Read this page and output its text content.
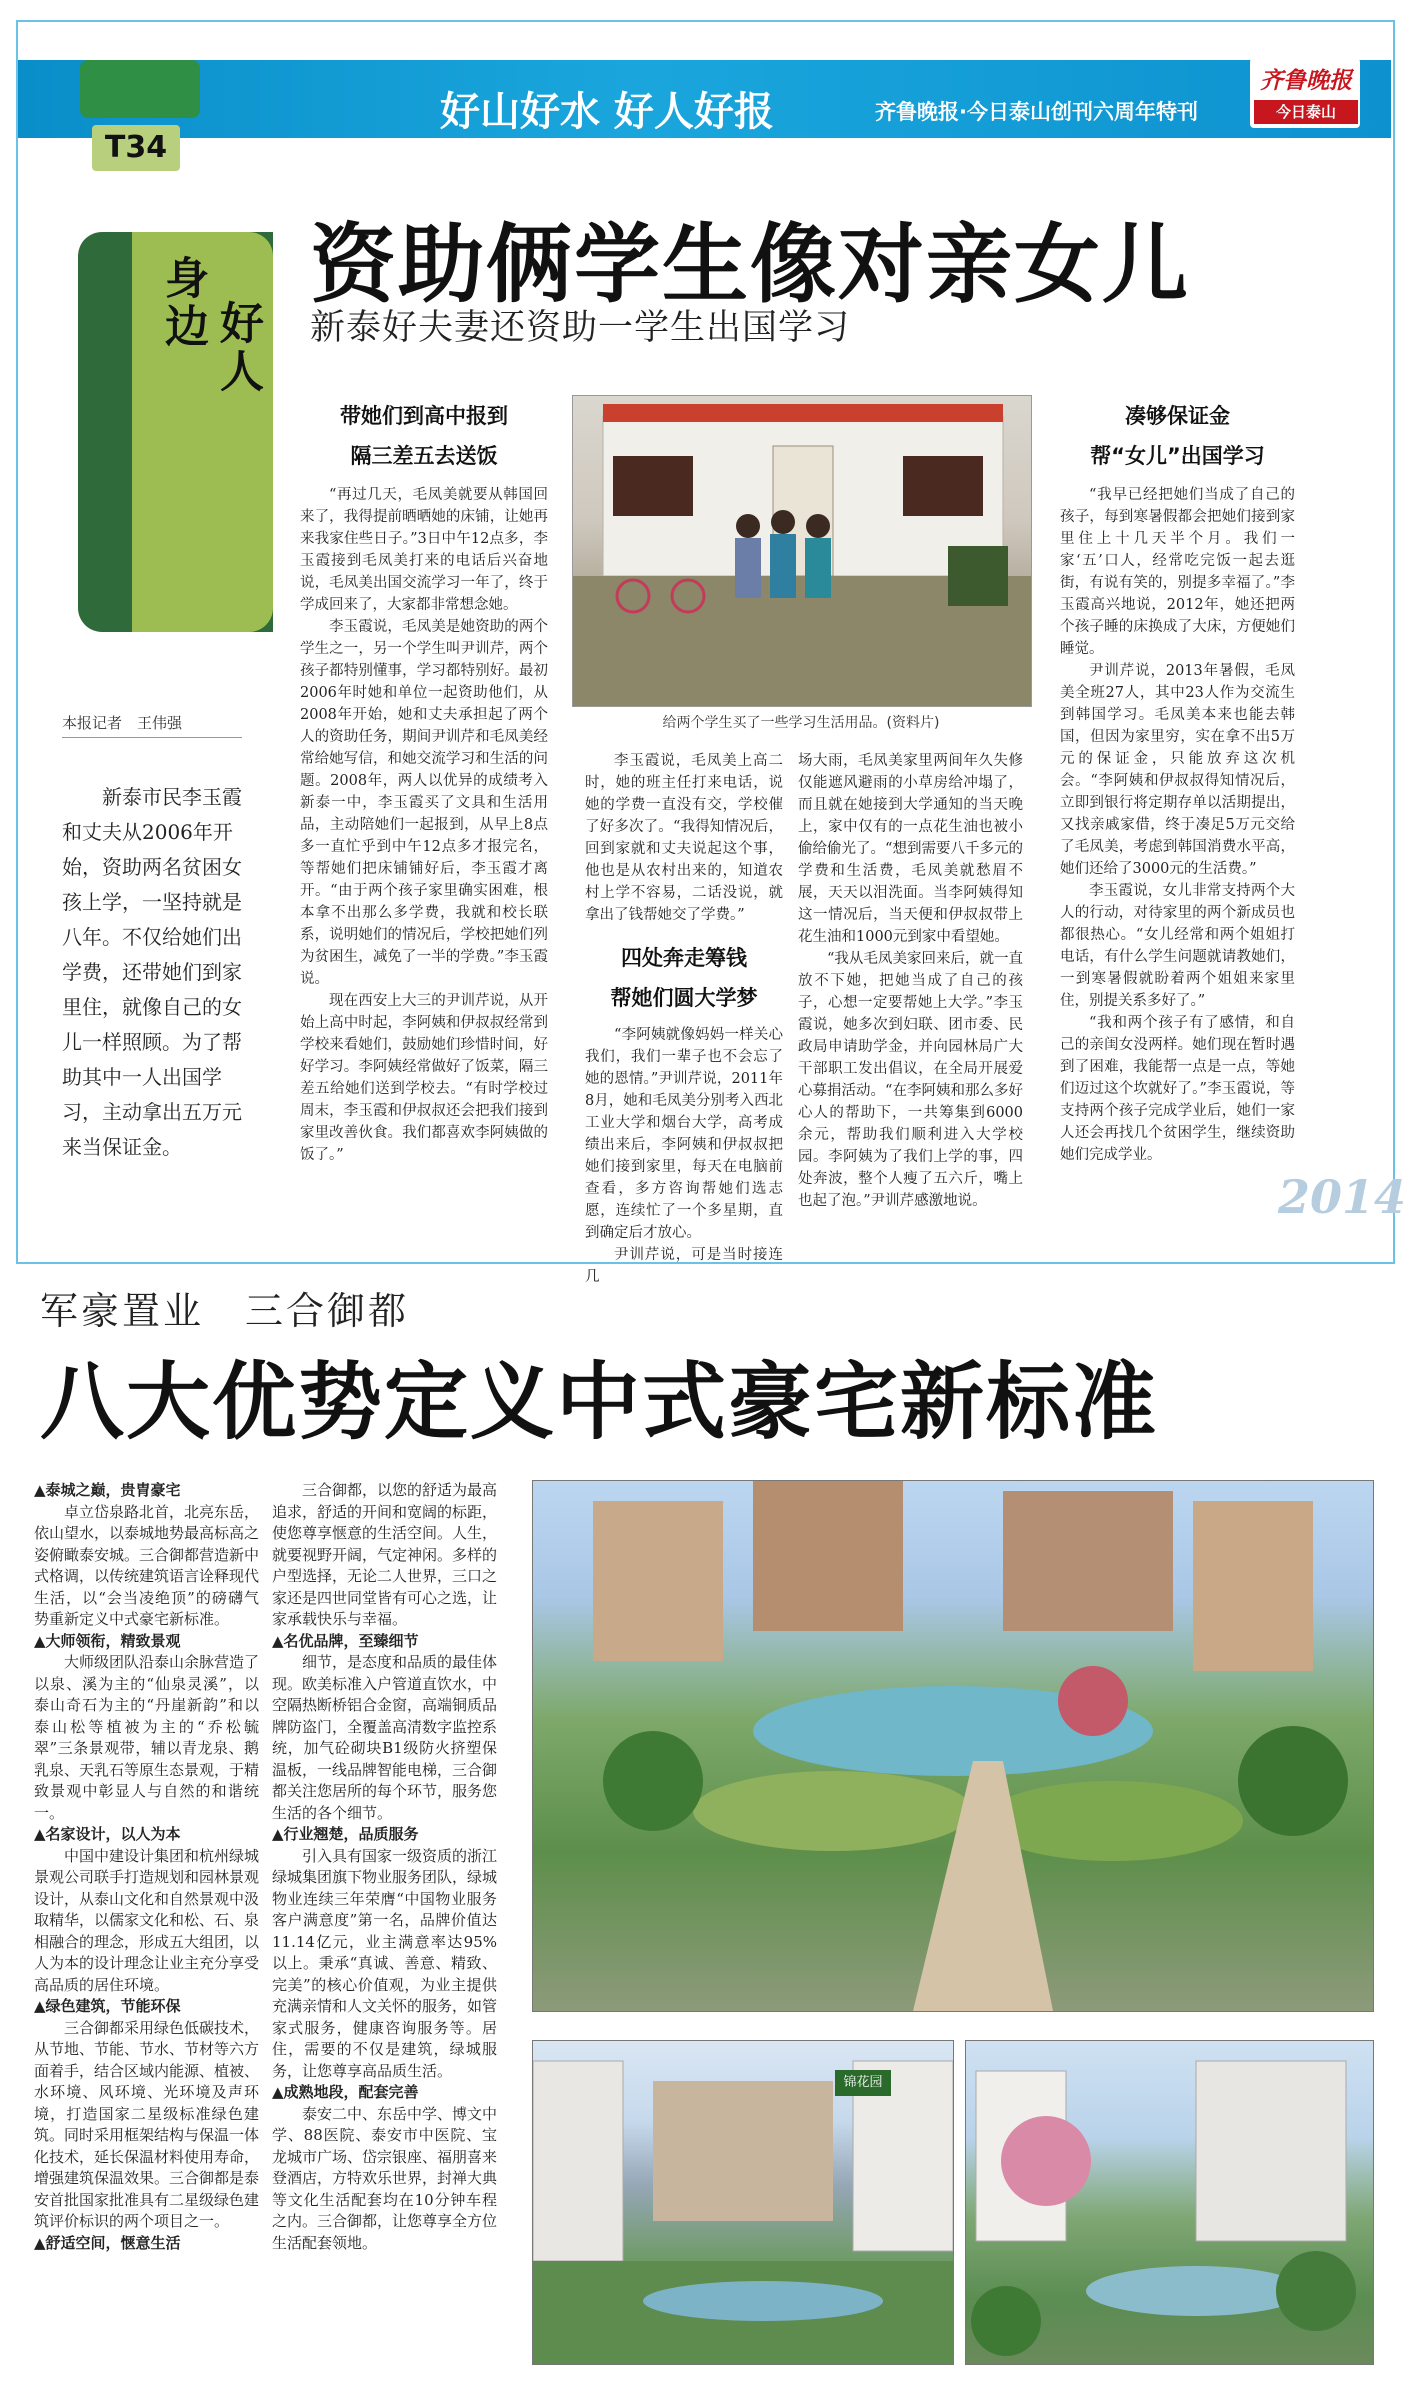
T34
好山好水 好人好报	齐鲁晚报·今日泰山创刊六周年特刊
齐鲁晚报
今日泰山
资助俩学生像对亲女儿
新泰好夫妻还资助一学生出国学习
身边 好人
本报记者　王伟强
新泰市民李玉霞和丈夫从2006年开始，资助两名贫困女孩上学，一坚持就是八年。不仅给她们出学费，还带她们到家里住，就像自己的女儿一样照顾。为了帮助其中一人出国学习，主动拿出五万元来当保证金。
带她们到高中报到
隔三差五去送饭

“再过几天，毛凤美就要从韩国回来了，我得提前晒晒她的床铺，让她再来我家住些日子。”3日中午12点多，李玉霞接到毛凤美打来的电话后兴奋地说，毛凤美出国交流学习一年了，终于学成回来了，大家都非常想念她。

李玉霞说，毛凤美是她资助的两个学生之一，另一个学生叫尹训芹，两个孩子都特别懂事，学习都特别好。最初2006年时她和单位一起资助他们，从2008年开始，她和丈夫承担起了两个人的资助任务，期间尹训芹和毛凤美经常给她写信，和她交流学习和生活的问题。2008年，两人以优异的成绩考入新泰一中，李玉霞买了文具和生活用品，主动陪她们一起报到，从早上8点多一直忙乎到中午12点多才报完名，等帮她们把床铺铺好后，李玉霞才离开。“由于两个孩子家里确实困难，根本拿不出那么多学费，我就和校长联系，说明她们的情况后，学校把她们列为贫困生，减免了一半的学费。”李玉霞说。

现在西安上大三的尹训芹说，从开始上高中时起，李阿姨和伊叔叔经常到学校来看她们，鼓励她们珍惜时间，好好学习。李阿姨经常做好了饭菜，隔三差五给她们送到学校去。“有时学校过周末，李玉霞和伊叔叔还会把我们接到家里改善伙食。我们都喜欢李阿姨做的饭了。”

给两个学生买了一些学习生活用品。(资料片)

李玉霞说，毛凤美上高二时，她的班主任打来电话，说她的学费一直没有交，学校催了好多次了。“我得知情况后，回到家就和丈夫说起这个事，他也是从农村出来的，知道农村上学不容易，二话没说，就拿出了钱帮她交了学费。”

四处奔走筹钱
帮她们圆大学梦

“李阿姨就像妈妈一样关心我们，我们一辈子也不会忘了她的恩情。”尹训芹说，2011年8月，她和毛凤美分别考入西北工业大学和烟台大学，高考成绩出来后，李阿姨和伊叔叔把她们接到家里，每天在电脑前查看，多方咨询帮她们选志愿，连续忙了一个多星期，直到确定后才放心。

尹训芹说，可是当时接连几

场大雨，毛凤美家里两间年久失修仅能遮风避雨的小草房给冲塌了，而且就在她接到大学通知的当天晚上，家中仅有的一点花生油也被小偷给偷光了。“想到需要八千多元的学费和生活费，毛凤美就愁眉不展，天天以泪洗面。当李阿姨得知这一情况后，当天便和伊叔叔带上花生油和1000元到家中看望她。

“我从毛凤美家回来后，就一直放不下她，把她当成了自己的孩子，心想一定要帮她上大学。”李玉霞说，她多次到妇联、团市委、民政局申请助学金，并向园林局广大干部职工发出倡议，在全局开展爱心募捐活动。“在李阿姨和那么多好心人的帮助下，一共筹集到6000余元，帮助我们顺利进入大学校园。李阿姨为了我们上学的事，四处奔波，整个人瘦了五六斤，嘴上也起了泡。”尹训芹感激地说。

凑够保证金
帮“女儿”出国学习

“我早已经把她们当成了自己的孩子，每到寒暑假都会把她们接到家里住上十几天半个月。我们一家‘五’口人，经常吃完饭一起去逛街，有说有笑的，别提多幸福了。”李玉霞高兴地说，2012年，她还把两个孩子睡的床换成了大床，方便她们睡觉。

尹训芹说，2013年暑假，毛凤美全班27人，其中23人作为交流生到韩国学习。毛凤美本来也能去韩国，但因为家里穷，实在拿不出5万元的保证金，只能放弃这次机会。“李阿姨和伊叔叔得知情况后，立即到银行将定期存单以活期提出，又找亲戚家借，终于凑足5万元交给了毛凤美，考虑到韩国消费水平高，她们还给了3000元的生活费。”

李玉霞说，女儿非常支持两个大人的行动，对待家里的两个新成员也都很热心。“女儿经常和两个姐姐打电话，有什么学生问题就请教她们，一到寒暑假就盼着两个姐姐来家里住，别提关系多好了。”

“我和两个孩子有了感情，和自己的亲闺女没两样。她们现在暂时遇到了困难，我能帮一点是一点，等她们迈过这个坎就好了。”李玉霞说，等支持两个孩子完成学业后，她们一家人还会再找几个贫困学生，继续资助她们完成学业。

2014
军豪置业　三合御都
八大优势定义中式豪宅新标准

▲泰城之巅，贵胄豪宅

卓立岱泉路北首，北亮东岳，依山望水，以泰城地势最高标高之姿俯瞰泰安城。三合御都营造新中式格调，以传统建筑语言诠释现代生活，以“会当凌绝顶”的磅礴气势重新定义中式豪宅新标准。

▲大师领衔，精致景观

大师级团队沿泰山余脉营造了以泉、溪为主的“仙泉灵溪”，以泰山奇石为主的“丹崖新韵”和以泰山松等植被为主的“乔松毓翠”三条景观带，辅以青龙泉、鹅乳泉、天乳石等原生态景观，于精致景观中彰显人与自然的和谐统一。

▲名家设计，以人为本

中国中建设计集团和杭州绿城景观公司联手打造规划和园林景观设计，从泰山文化和自然景观中汲取精华，以儒家文化和松、石、泉相融合的理念，形成五大组团，以人为本的设计理念让业主充分享受高品质的居住环境。

▲绿色建筑，节能环保

三合御都采用绿色低碳技术，从节地、节能、节水、节材等六方面着手，结合区域内能源、植被、水环境、风环境、光环境及声环境，打造国家二星级标准绿色建筑。同时采用框架结构与保温一体化技术，延长保温材料使用寿命，增强建筑保温效果。三合御都是泰安首批国家批准具有二星级绿色建筑评价标识的两个项目之一。

▲舒适空间，惬意生活

三合御都，以您的舒适为最高追求，舒适的开间和宽阔的标距，使您尊享惬意的生活空间。人生，就要视野开阔，气定神闲。多样的户型选择，无论二人世界，三口之家还是四世同堂皆有可心之选，让家承载快乐与幸福。

▲名优品牌，至臻细节

细节，是态度和品质的最佳体现。欧美标准入户管道直饮水，中空隔热断桥铝合金窗，高端铜质品牌防盗门，全覆盖高清数字监控系统，加气砼砌块B1级防火挤塑保温板，一线品牌智能电梯，三合御都关注您居所的每个环节，服务您生活的各个细节。

▲行业翘楚，品质服务

引入具有国家一级资质的浙江绿城集团旗下物业服务团队，绿城物业连续三年荣膺“中国物业服务客户满意度”第一名，品牌价值达11.14亿元，业主满意率达95%以上。秉承“真诚、善意、精致、完美”的核心价值观，为业主提供充满亲情和人文关怀的服务，如管家式服务，健康咨询服务等。居住，需要的不仅是建筑，绿城服务，让您尊享高品质生活。

▲成熟地段，配套完善

泰安二中、东岳中学、博文中学、88医院、泰安市中医院、宝龙城市广场、岱宗银座、福朋喜来登酒店，方特欢乐世界，封禅大典等文化生活配套均在10分钟车程之内。三合御都，让您尊享全方位生活配套领地。

锦花园
